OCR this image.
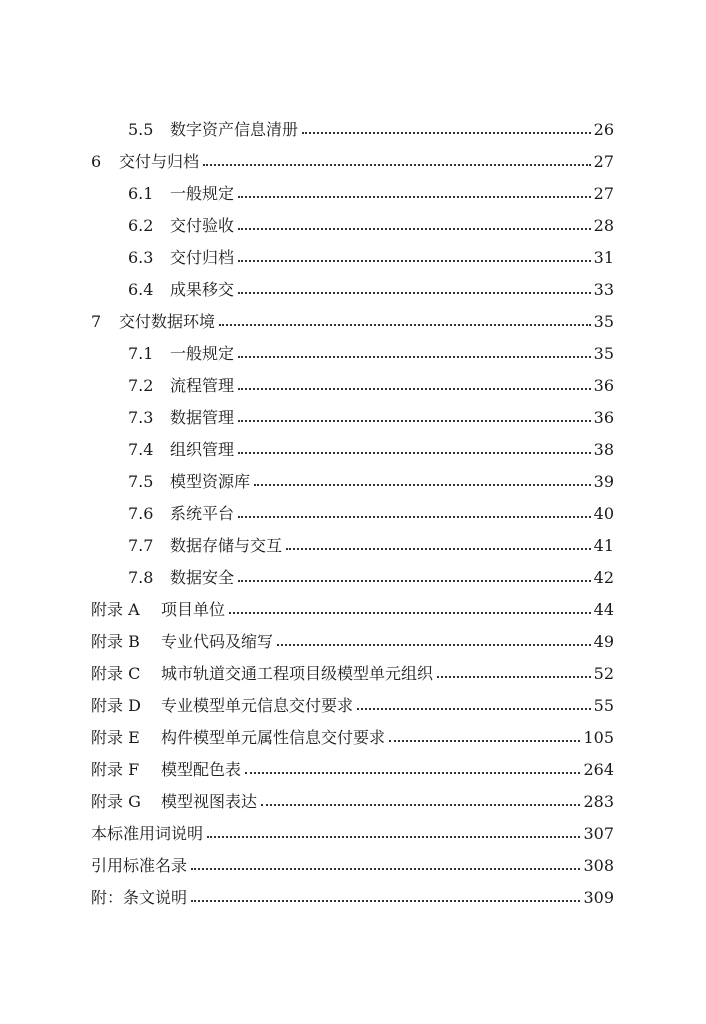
5.5	数字资产信息清册	26
6	交付与归档	27
6.1	一般规定	27
6.2	交付验收	28
6.3	交付归档	31
6.4	成果移交	33
7	交付数据环境	35
7.1	一般规定	35
7.2	流程管理	36
7.3	数据管理	36
7.4	组织管理	38
7.5	模型资源库	39
7.6	系统平台	40
7.7	数据存储与交互	41
7.8	数据安全	42
附录 A	项目单位	44
附录 B	专业代码及缩写	49
附录 C	城市轨道交通工程项目级模型单元组织	52
附录 D	专业模型单元信息交付要求	55
附录 E	构件模型单元属性信息交付要求	105
附录 F	模型配色表	264
附录 G	模型视图表达	283
本标准用词说明	307
引用标准名录	308
附：条文说明	309
